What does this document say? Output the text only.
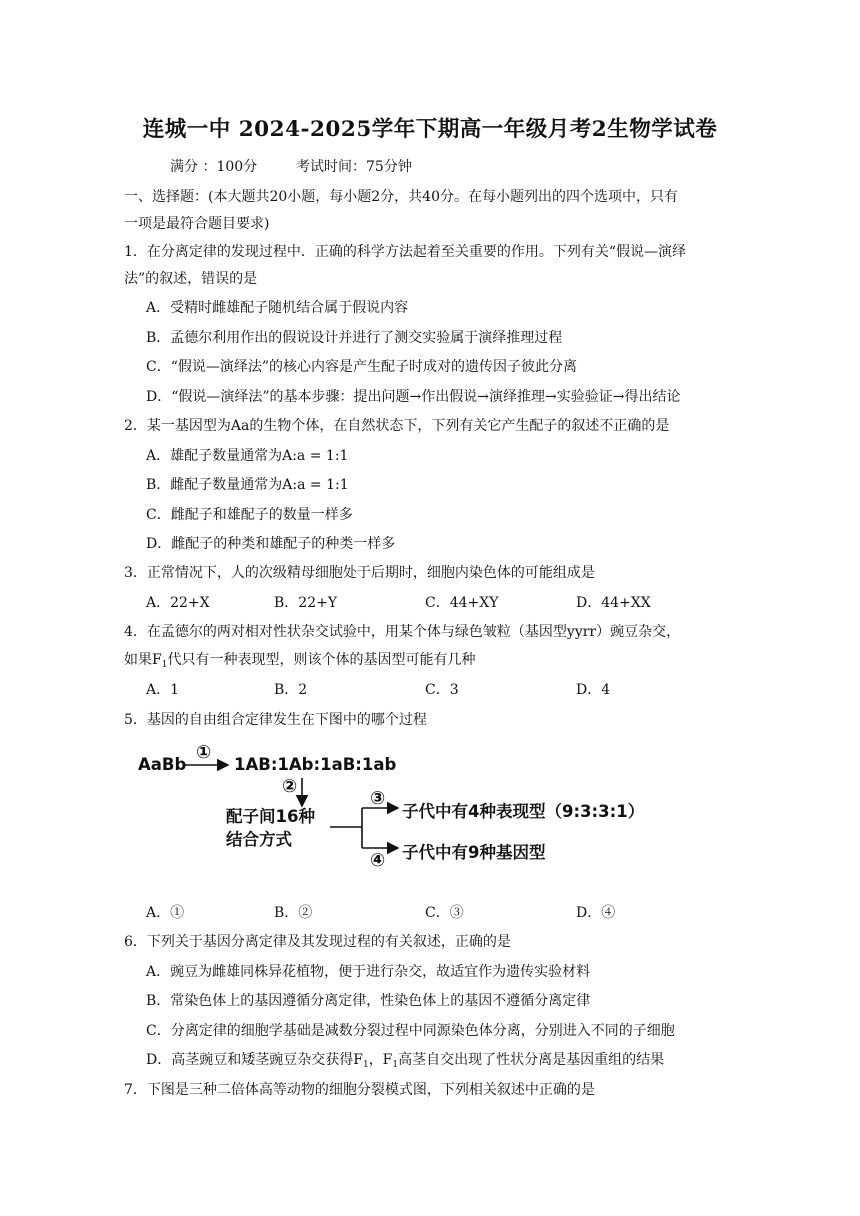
连城一中 2024-2025学年下期高一年级月考2生物学试卷
满分 ：100分	考试时间：75分钟
一、选择题：(本大题共20小题，每小题2分，共40分。在每小题列出的四个选项中，只有
一项是最符合题目要求)
1．在分离定律的发现过程中．正确的科学方法起着至关重要的作用。下列有关“假说—演绎
法”的叙述，错误的是
A．受精时雌雄配子随机结合属于假说内容
B．孟德尔利用作出的假说设计并进行了测交实验属于演绎推理过程
C．“假说—演绎法”的核心内容是产生配子时成对的遗传因子彼此分离
D．“假说—演绎法”的基本步骤：提出问题→作出假说→演绎推理→实验验证→得出结论
2．某一基因型为Aa的生物个体，在自然状态下，下列有关它产生配子的叙述不正确的是
A．雄配子数量通常为A:a = 1:1
B．雌配子数量通常为A:a = 1:1
C．雌配子和雄配子的数量一样多
D．雌配子的种类和雄配子的种类一样多
3．正常情况下，人的次级精母细胞处于后期时，细胞内染色体的可能组成是
A．22+X	B．22+Y	C．44+XY	D．44+XX
4．在孟德尔的两对相对性状杂交试验中，用某个体与绿色皱粒（基因型yyrr）豌豆杂交，
如果$F_1$代只有一种表现型，则该个体的基因型可能有几种
A．1	B．2	C．3	D．4
5．基因的自由组合定律发生在下图中的哪个过程
AaBb
①
1AB:1Ab:1aB:1ab
②
配子间16种
结合方式
③
子代中有4种表现型（9:3:3:1）
④ 子代中有9种基因型
A．①	B．②	C．③	D．④
6．下列关于基因分离定律及其发现过程的有关叙述，正确的是
A．豌豆为雌雄同株异花植物，便于进行杂交，故适宜作为遗传实验材料
B．常染色体上的基因遵循分离定律，性染色体上的基因不遵循分离定律
C．分离定律的细胞学基础是减数分裂过程中同源染色体分离，分别进入不同的子细胞
D．高茎豌豆和矮茎豌豆杂交获得$F_1$，$F_1$高茎自交出现了性状分离是基因重组的结果
7．下图是三种二倍体高等动物的细胞分裂模式图，下列相关叙述中正确的是
